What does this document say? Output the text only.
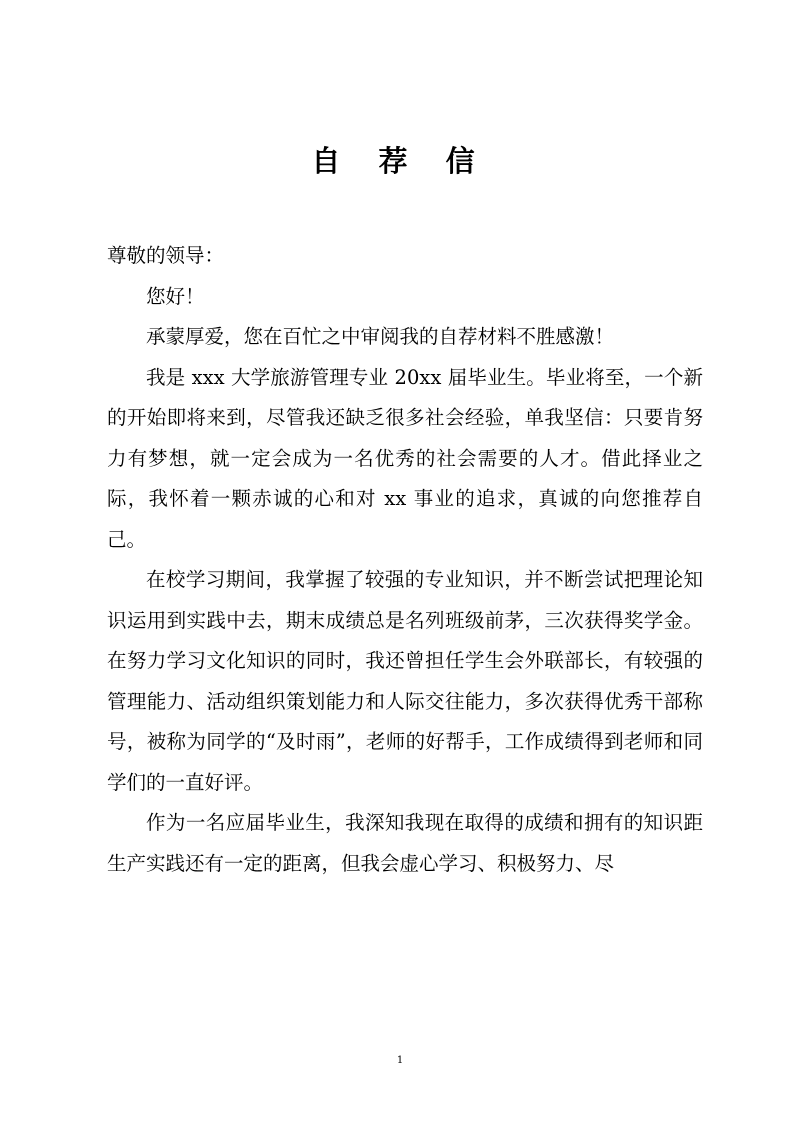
自 荐 信

尊敬的领导：

您好！

承蒙厚爱，您在百忙之中审阅我的自荐材料不胜感激！

我是 xxx 大学旅游管理专业 20xx 届毕业生。毕业将至，一个新的开始即将来到，尽管我还缺乏很多社会经验，单我坚信：只要肯努力有梦想，就一定会成为一名优秀的社会需要的人才。借此择业之际，我怀着一颗赤诚的心和对 xx 事业的追求，真诚的向您推荐自己。

在校学习期间，我掌握了较强的专业知识，并不断尝试把理论知识运用到实践中去，期末成绩总是名列班级前茅，三次获得奖学金。在努力学习文化知识的同时，我还曾担任学生会外联部长，有较强的管理能力、活动组织策划能力和人际交往能力，多次获得优秀干部称号，被称为同学的“及时雨”，老师的好帮手，工作成绩得到老师和同学们的一直好评。

作为一名应届毕业生，我深知我现在取得的成绩和拥有的知识距生产实践还有一定的距离，但我会虚心学习、积极努力、尽

1
